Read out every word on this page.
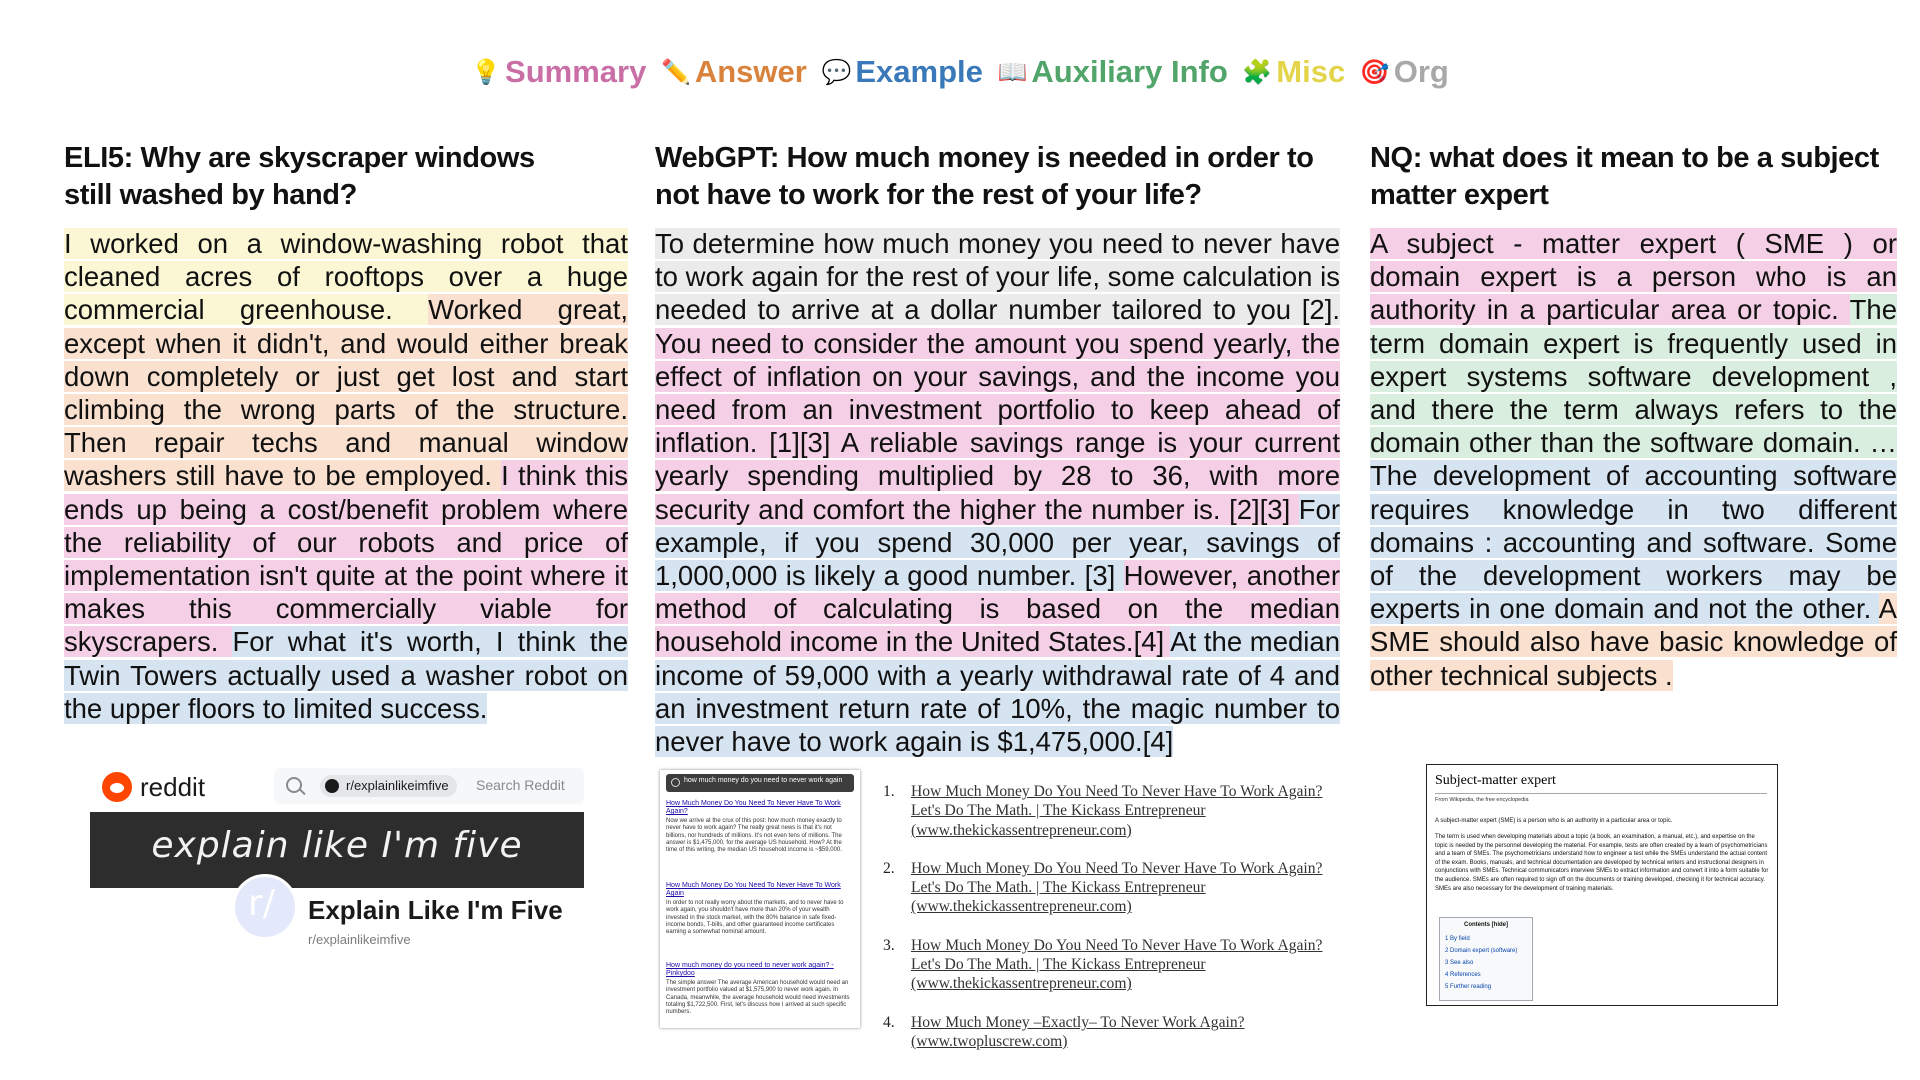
💡 Summary ✏️ Answer 💬 Example 📖 Auxiliary Info 🧩 Misc 🎯 Org
ELI5: Why are skyscraper windows still washed by hand?
I worked on a window-washing robot that cleaned acres of rooftops over a huge commercial greenhouse. Worked great, except when it didn't, and would either break down completely or just get lost and start climbing the wrong parts of the structure. Then repair techs and manual window washers still have to be employed. I think this ends up being a cost/benefit problem where the reliability of our robots and price of implementation isn't quite at the point where it makes this commercially viable for skyscrapers. For what it's worth, I think the Twin Towers actually used a washer robot on the upper floors to limited success.
WebGPT: How much money is needed in order to not have to work for the rest of your life?
To determine how much money you need to never have to work again for the rest of your life, some calculation is needed to arrive at a dollar number tailored to you [2]. You need to consider the amount you spend yearly, the effect of inflation on your savings, and the income you need from an investment portfolio to keep ahead of inflation. [1][3] A reliable savings range is your current yearly spending multiplied by 28 to 36, with more security and comfort the higher the number is. [2][3] For example, if you spend 30,000 per year, savings of 1,000,000 is likely a good number. [3] However, another method of calculating is based on the median household income in the United States.[4] At the median income of 59,000 with a yearly withdrawal rate of 4 and an investment return rate of 10%, the magic number to never have to work again is $1,475,000.[4]
NQ: what does it mean to be a subject matter expert
A subject - matter expert ( SME ) or domain expert is a person who is an authority in a particular area or topic. The term domain expert is frequently used in expert systems software development , and there the term always refers to the domain other than the software domain. … The development of accounting software requires knowledge in two different domains : accounting and software. Some of the development workers may be experts in one domain and not the other. A SME should also have basic knowledge of other technical subjects .
reddit	r/explainlikeimfive	Search Reddit
explain like I'm five
r/ Explain Like I'm Five
r/explainlikeimfive
how much money do you need to never work again
How Much Money Do You Need To Never Have To Work Again?
Now we arrive at the crux of this post: how much money exactly to never have to work again? The really great news is that it's not billions, nor hundreds of millions. It's not even tens of millions. The answer is $1,475,000, for the average US household. How? At the time of this writing, the median US household income is ~$59,000.
How Much Money Do You Need To Never Have To Work Again
In order to not really worry about the markets, and to never have to work again, you shouldn't have more than 20% of your wealth invested in the stock market, with the 80% balance in safe fixed-income bonds, T-bills, and other guaranteed income certificates earning a somewhat nominal amount.
How much money do you need to never work again? - Pinkydoo
The simple answer The average American household would need an investment portfolio valued at $1,575,900 to never work again. In Canada, meanwhile, the average household would need investments totaling $1,722,500. First, let's discuss how I arrived at such specific numbers.
1. How Much Money Do You Need To Never Have To Work Again? Let's Do The Math. | The Kickass Entrepreneur (www.thekickassentrepreneur.com)
2. How Much Money Do You Need To Never Have To Work Again? Let's Do The Math. | The Kickass Entrepreneur (www.thekickassentrepreneur.com)
3. How Much Money Do You Need To Never Have To Work Again? Let's Do The Math. | The Kickass Entrepreneur (www.thekickassentrepreneur.com)
4. How Much Money –Exactly– To Never Work Again? (www.twopluscrew.com)
Subject-matter expert
From Wikipedia, the free encyclopedia
A subject-matter expert (SME) is a person who is an authority in a particular area or topic.
The term is used when developing materials about a topic (a book, an examination, a manual, etc.), and expertise on the topic is needed by the personnel developing the material. For example, tests are often created by a team of psychometricians and a team of SMEs. The psychometricians understand how to engineer a test while the SMEs understand the actual content of the exam. Books, manuals, and technical documentation are developed by technical writers and instructional designers in conjunctions with SMEs. Technical communicators interview SMEs to extract information and convert it into a form suitable for the audience. SMEs are often required to sign off on the documents or training developed, checking it for technical accuracy. SMEs are also necessary for the development of training materials.
Contents [hide]
1 By field
2 Domain expert (software)
3 See also
4 References
5 Further reading
